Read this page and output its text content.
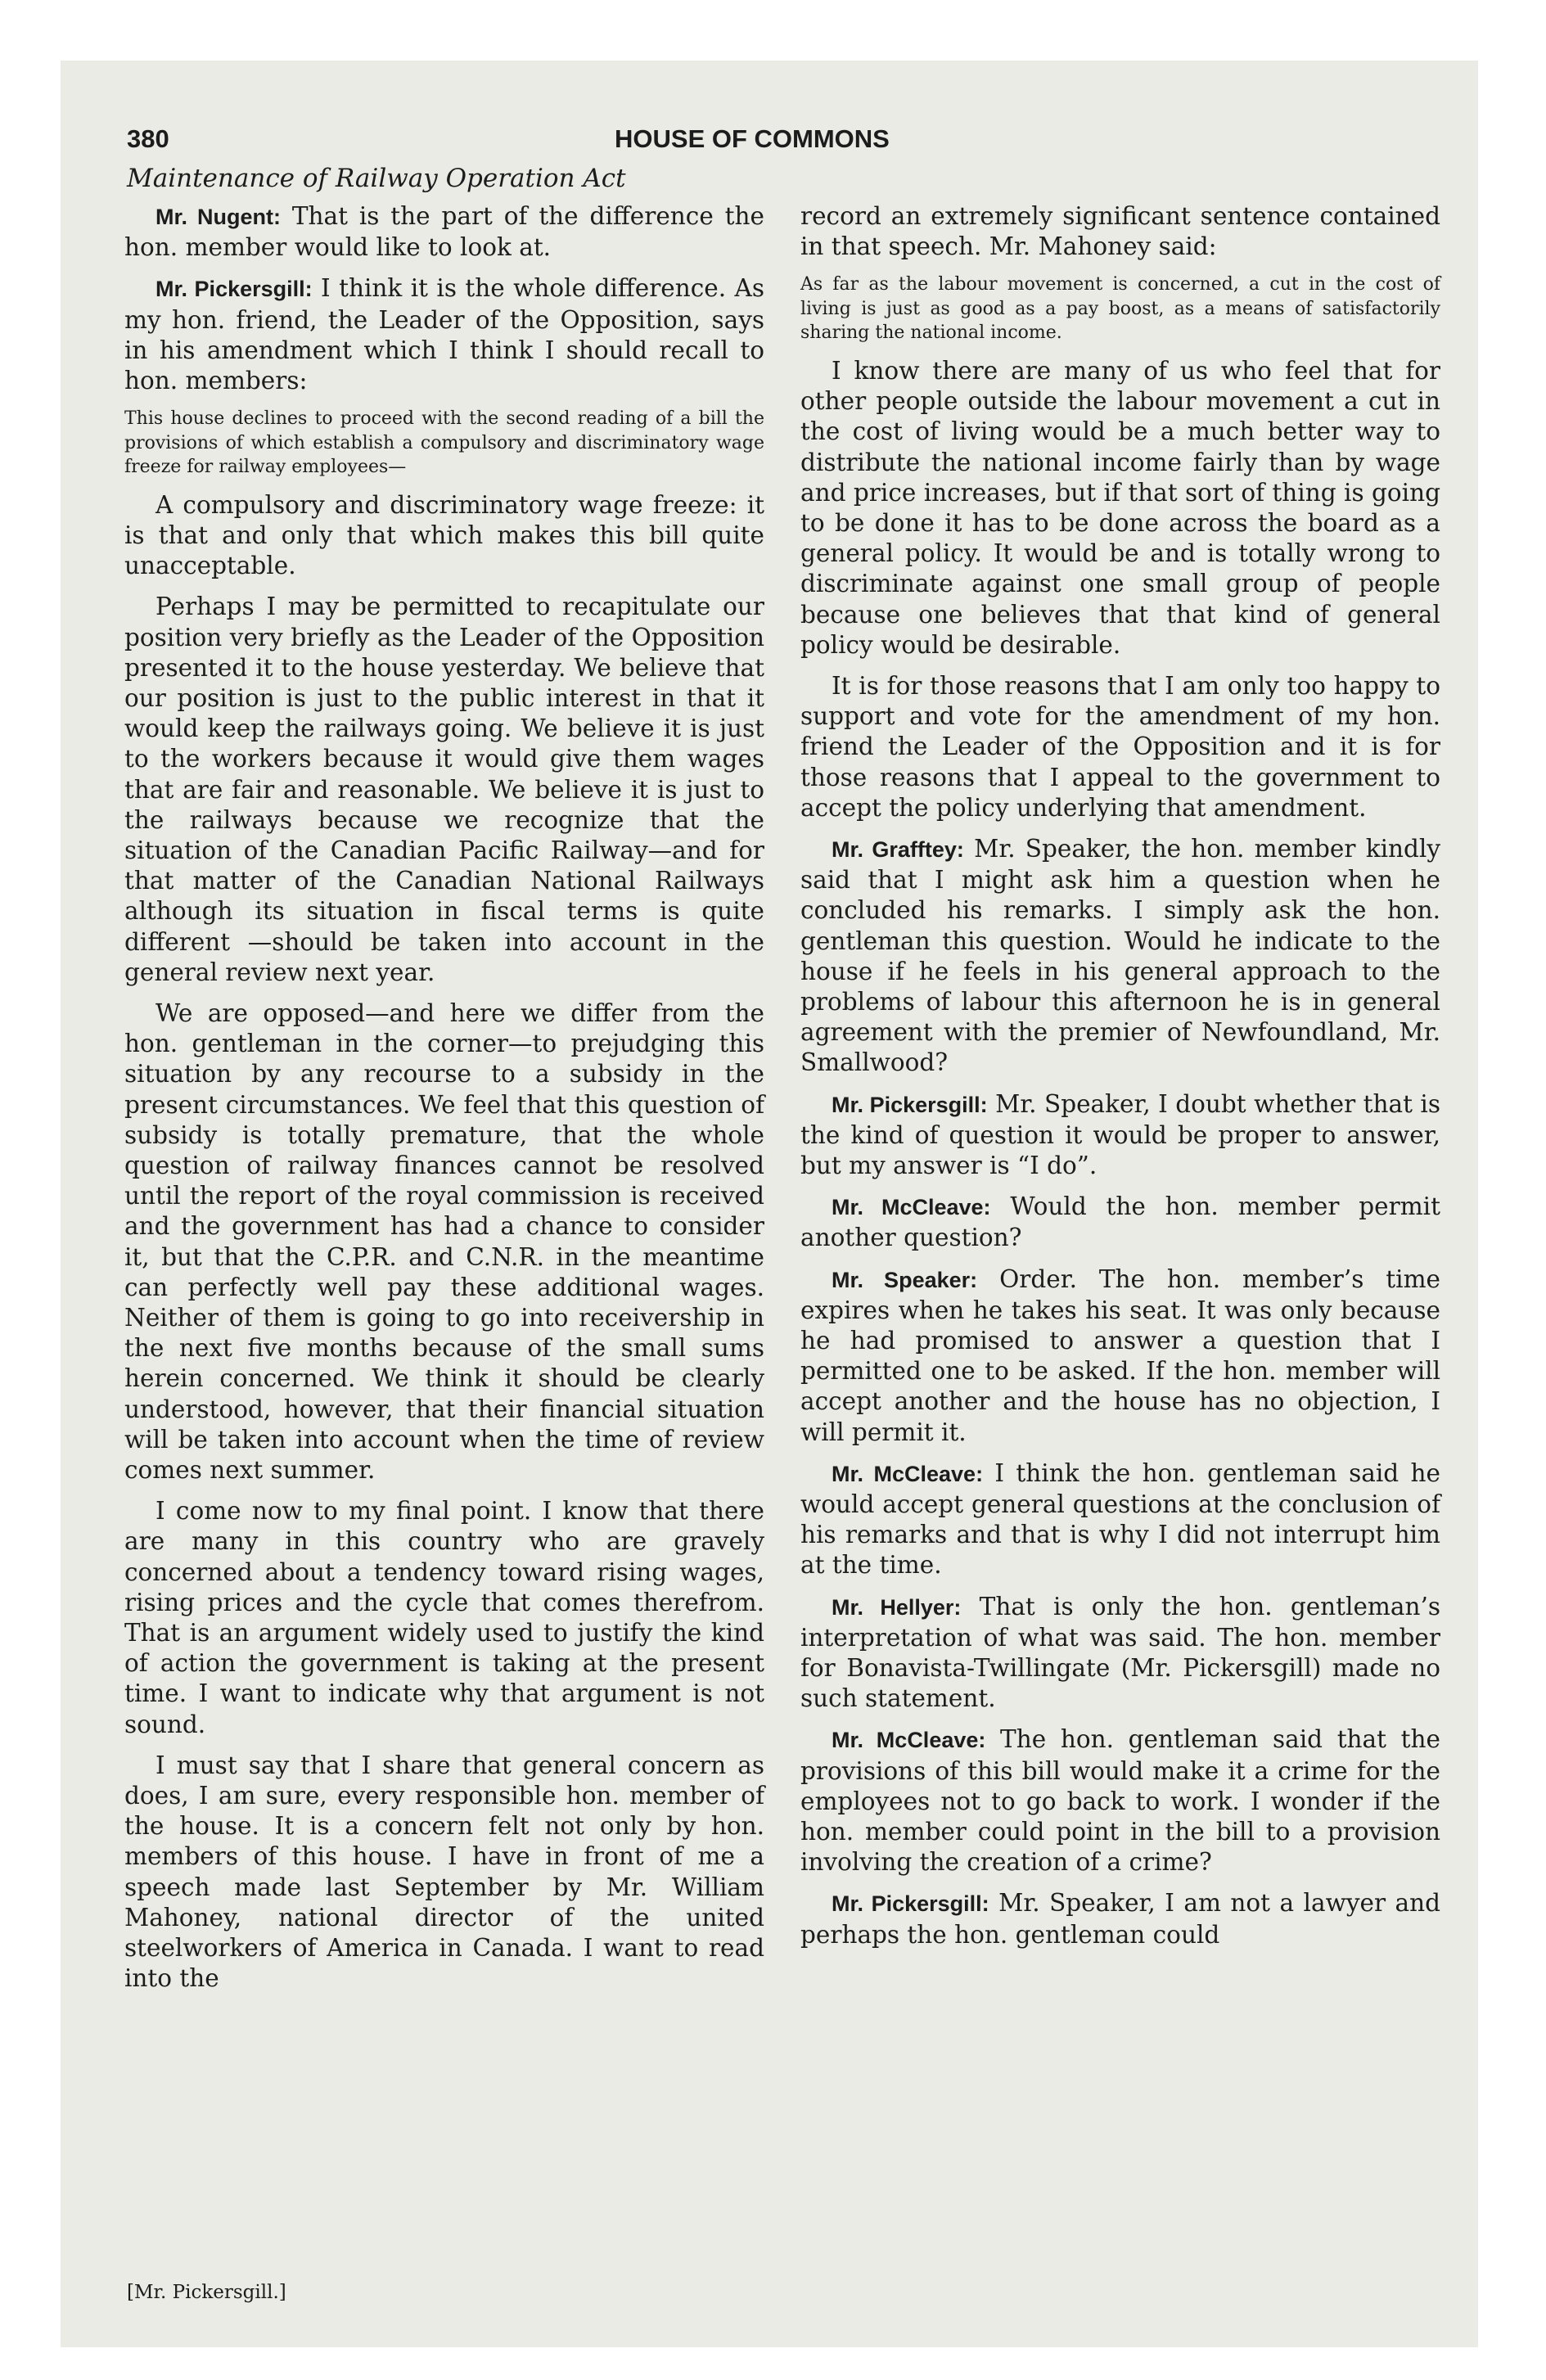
380	HOUSE OF COMMONS
Maintenance of Railway Operation Act

Mr. Nugent: That is the part of the difference the hon. member would like to look at.

Mr. Pickersgill: I think it is the whole difference. As my hon. friend, the Leader of the Opposition, says in his amendment which I think I should recall to hon. members:

This house declines to proceed with the second reading of a bill the provisions of which establish a compulsory and discriminatory wage freeze for railway employees—

A compulsory and discriminatory wage freeze: it is that and only that which makes this bill quite unacceptable.

Perhaps I may be permitted to recapitulate our position very briefly as the Leader of the Opposition presented it to the house yesterday. We believe that our position is just to the public interest in that it would keep the railways going. We believe it is just to the workers because it would give them wages that are fair and reasonable. We believe it is just to the railways because we recognize that the situation of the Canadian Pacific Railway—and for that matter of the Canadian National Railways although its situation in fiscal terms is quite different —should be taken into account in the general review next year.

We are opposed—and here we differ from the hon. gentleman in the corner—to prejudging this situation by any recourse to a subsidy in the present circumstances. We feel that this question of subsidy is totally premature, that the whole question of railway finances cannot be resolved until the report of the royal commission is received and the government has had a chance to consider it, but that the C.P.R. and C.N.R. in the meantime can perfectly well pay these additional wages. Neither of them is going to go into receivership in the next five months because of the small sums herein concerned. We think it should be clearly understood, however, that their financial situation will be taken into account when the time of review comes next summer.

I come now to my final point. I know that there are many in this country who are gravely concerned about a tendency toward rising wages, rising prices and the cycle that comes therefrom. That is an argument widely used to justify the kind of action the government is taking at the present time. I want to indicate why that argument is not sound.

I must say that I share that general concern as does, I am sure, every responsible hon. member of the house. It is a concern felt not only by hon. members of this house. I have in front of me a speech made last September by Mr. William Mahoney, national director of the united steelworkers of America in Canada. I want to read into the

record an extremely significant sentence contained in that speech. Mr. Mahoney said:

As far as the labour movement is concerned, a cut in the cost of living is just as good as a pay boost, as a means of satisfactorily sharing the national income.

I know there are many of us who feel that for other people outside the labour movement a cut in the cost of living would be a much better way to distribute the national income fairly than by wage and price increases, but if that sort of thing is going to be done it has to be done across the board as a general policy. It would be and is totally wrong to discriminate against one small group of people because one believes that that kind of general policy would be desirable.

It is for those reasons that I am only too happy to support and vote for the amendment of my hon. friend the Leader of the Opposition and it is for those reasons that I appeal to the government to accept the policy underlying that amendment.

Mr. Grafftey: Mr. Speaker, the hon. member kindly said that I might ask him a question when he concluded his remarks. I simply ask the hon. gentleman this question. Would he indicate to the house if he feels in his general approach to the problems of labour this afternoon he is in general agreement with the premier of Newfoundland, Mr. Smallwood?

Mr. Pickersgill: Mr. Speaker, I doubt whether that is the kind of question it would be proper to answer, but my answer is “I do”.

Mr. McCleave: Would the hon. member permit another question?

Mr. Speaker: Order. The hon. member’s time expires when he takes his seat. It was only because he had promised to answer a question that I permitted one to be asked. If the hon. member will accept another and the house has no objection, I will permit it.

Mr. McCleave: I think the hon. gentleman said he would accept general questions at the conclusion of his remarks and that is why I did not interrupt him at the time.

Mr. Hellyer: That is only the hon. gentleman’s interpretation of what was said. The hon. member for Bonavista-Twillingate (Mr. Pickersgill) made no such statement.

Mr. McCleave: The hon. gentleman said that the provisions of this bill would make it a crime for the employees not to go back to work. I wonder if the hon. member could point in the bill to a provision involving the creation of a crime?

Mr. Pickersgill: Mr. Speaker, I am not a lawyer and perhaps the hon. gentleman could

[Mr. Pickersgill.]
